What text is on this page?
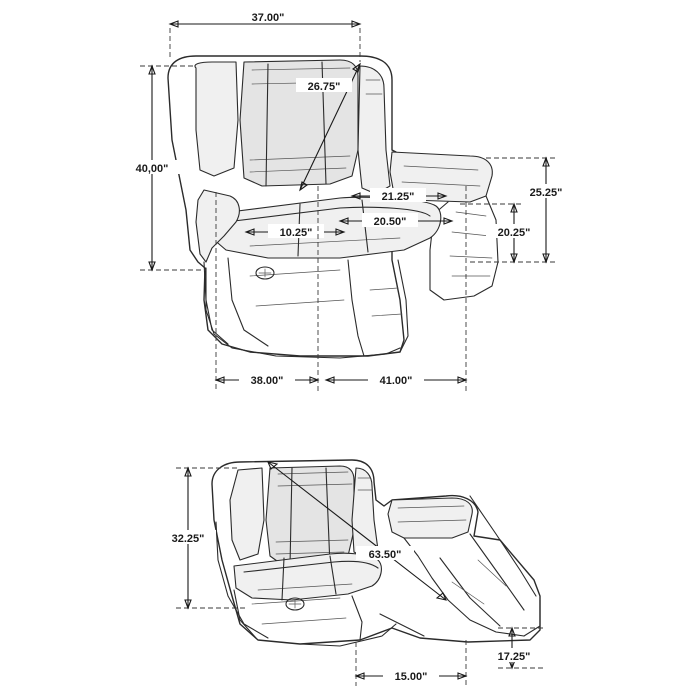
37.00"
40,00"
26.75"
21.25"
20.50"
10.25"
25.25"
20.25"
38.00"	41.00"
32.25"
63.50"
15.00"
17.25"
